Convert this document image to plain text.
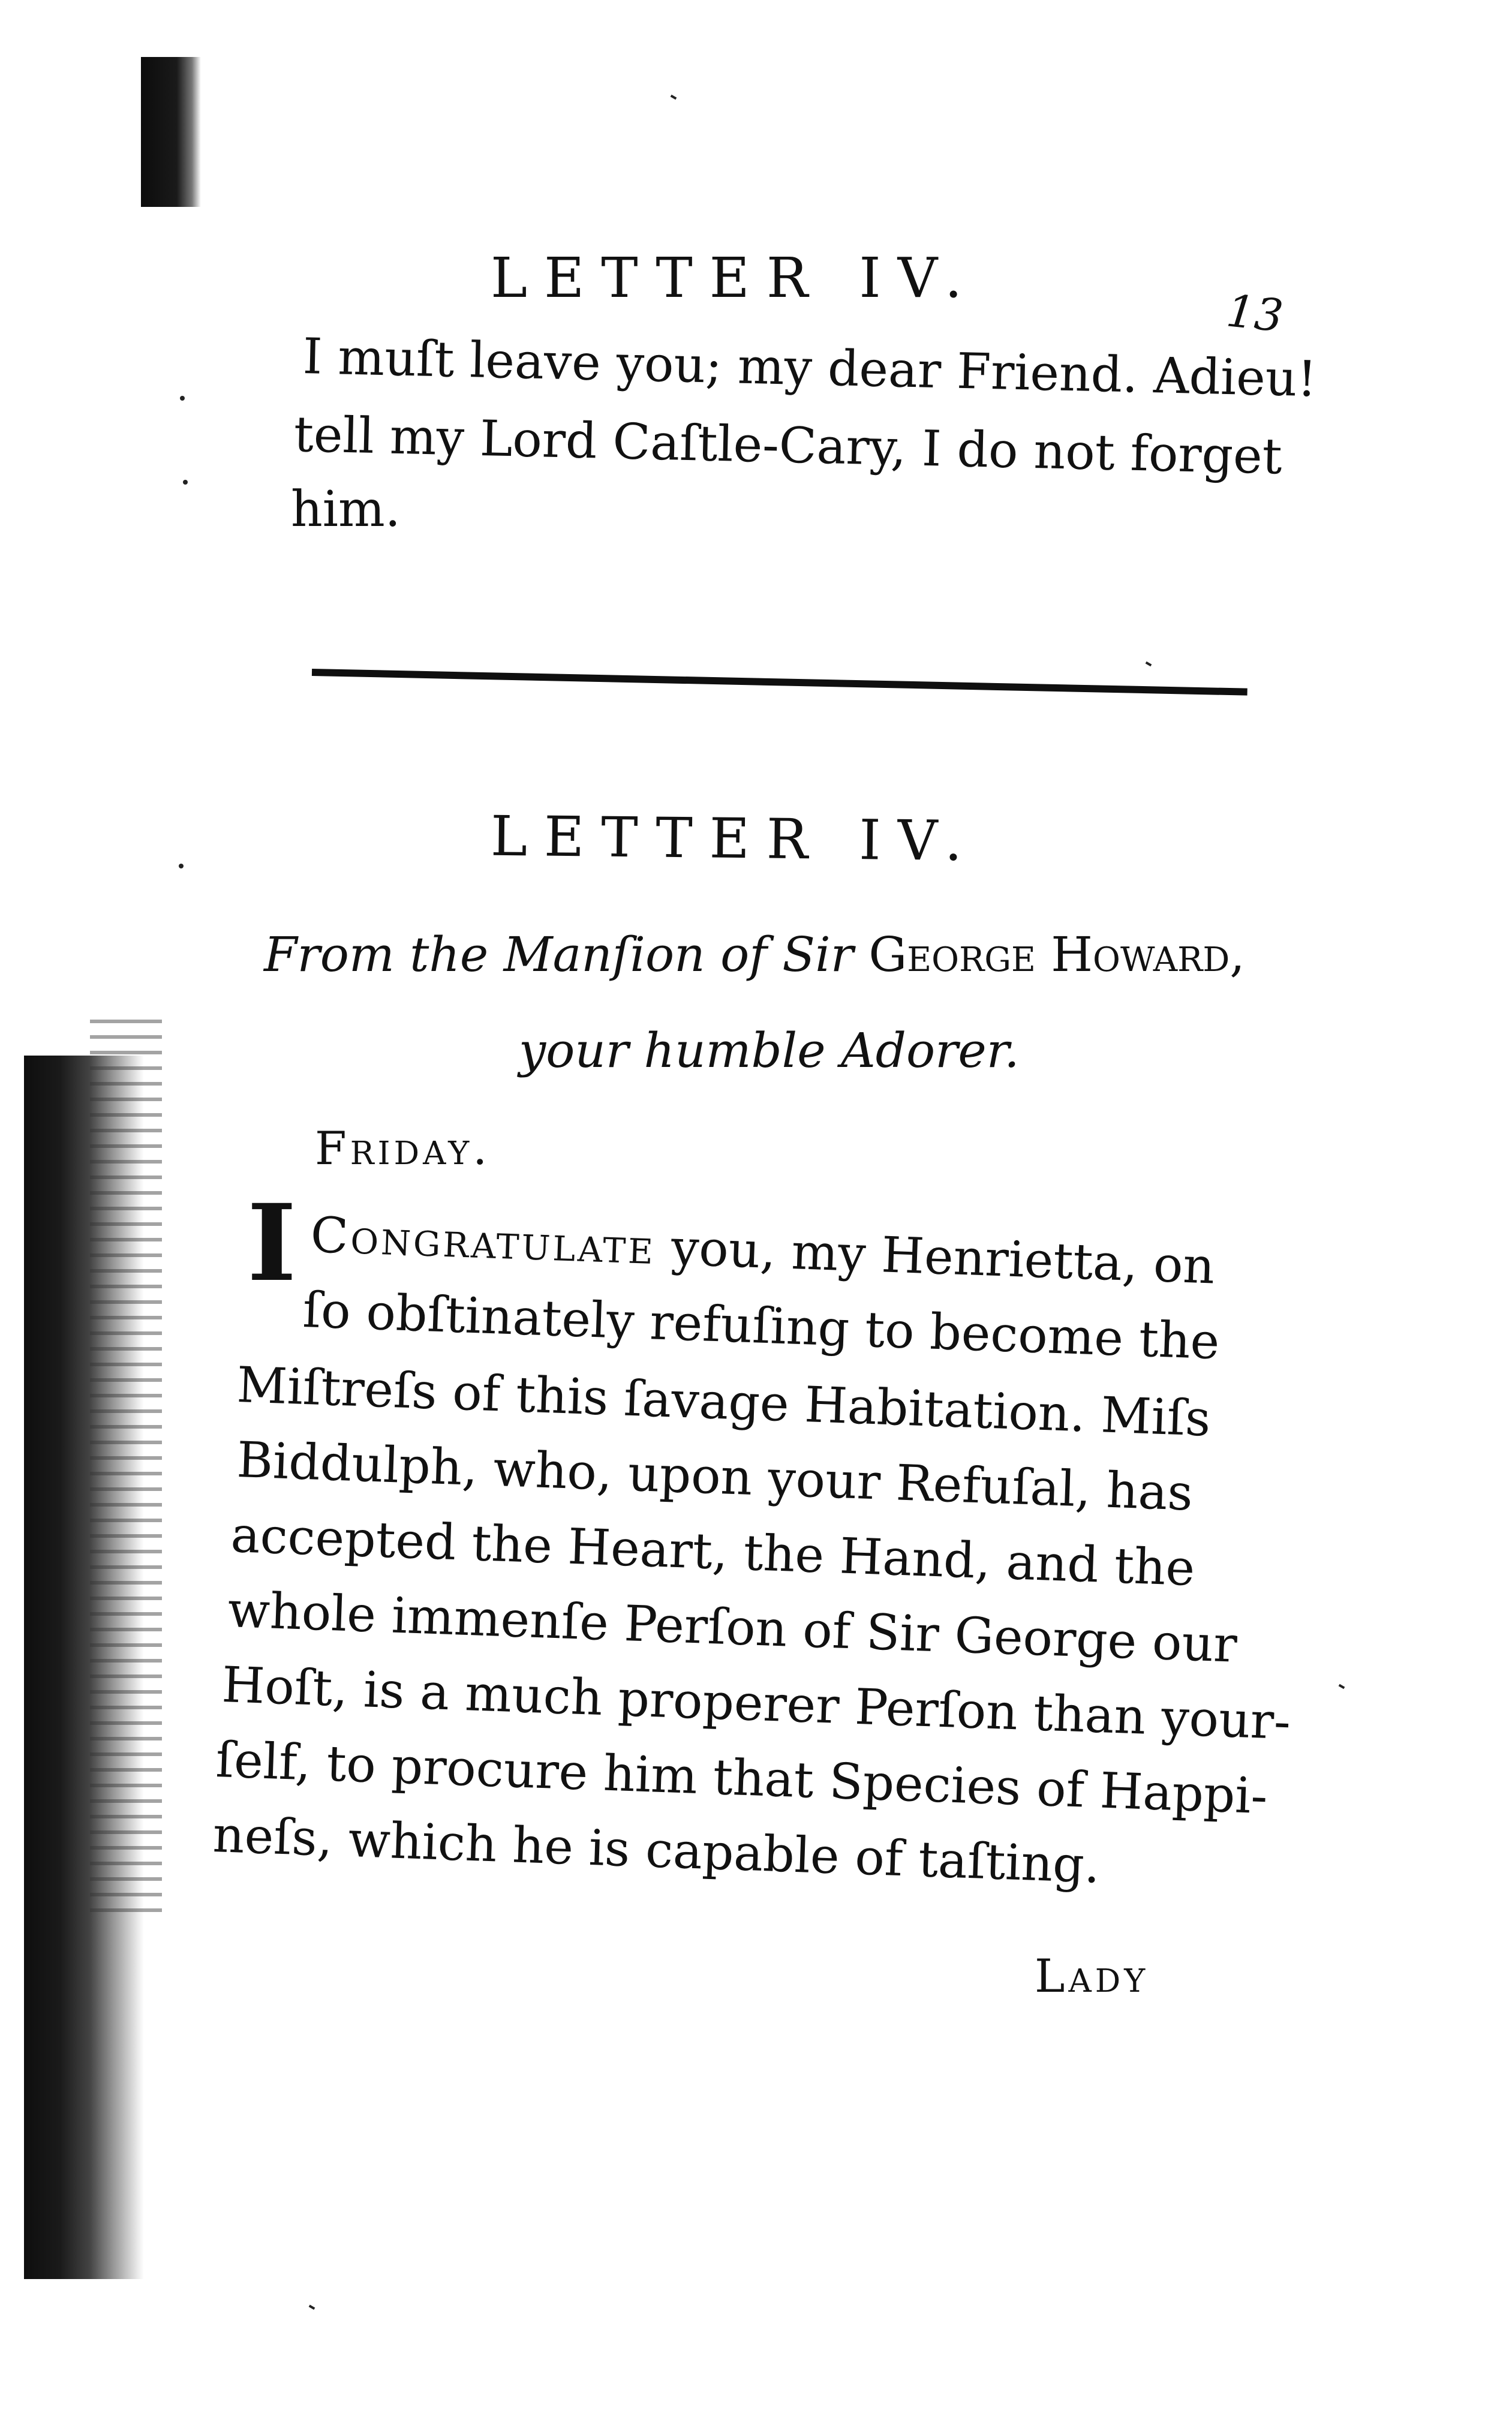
LETTER IV.
13
I muſt leave you; my dear Friend. Adieu!
tell my Lord Caſtle-Cary, I do not forget
him.
LETTER IV.
From the Manſion of Sir George Howard,
your humble Adorer.
Friday.
I Congratulate you, my Henrietta, on
ſo obſtinately refuſing to become the
Miſtreſs of this ſavage Habitation. Miſs
Biddulph, who, upon your Refuſal, has
accepted the Heart, the Hand, and the
whole immenſe Perſon of Sir George our
Hoſt, is a much properer Perſon than your-
ſelf, to procure him that Species of Happi-
neſs, which he is capable of taſting.
Lady
